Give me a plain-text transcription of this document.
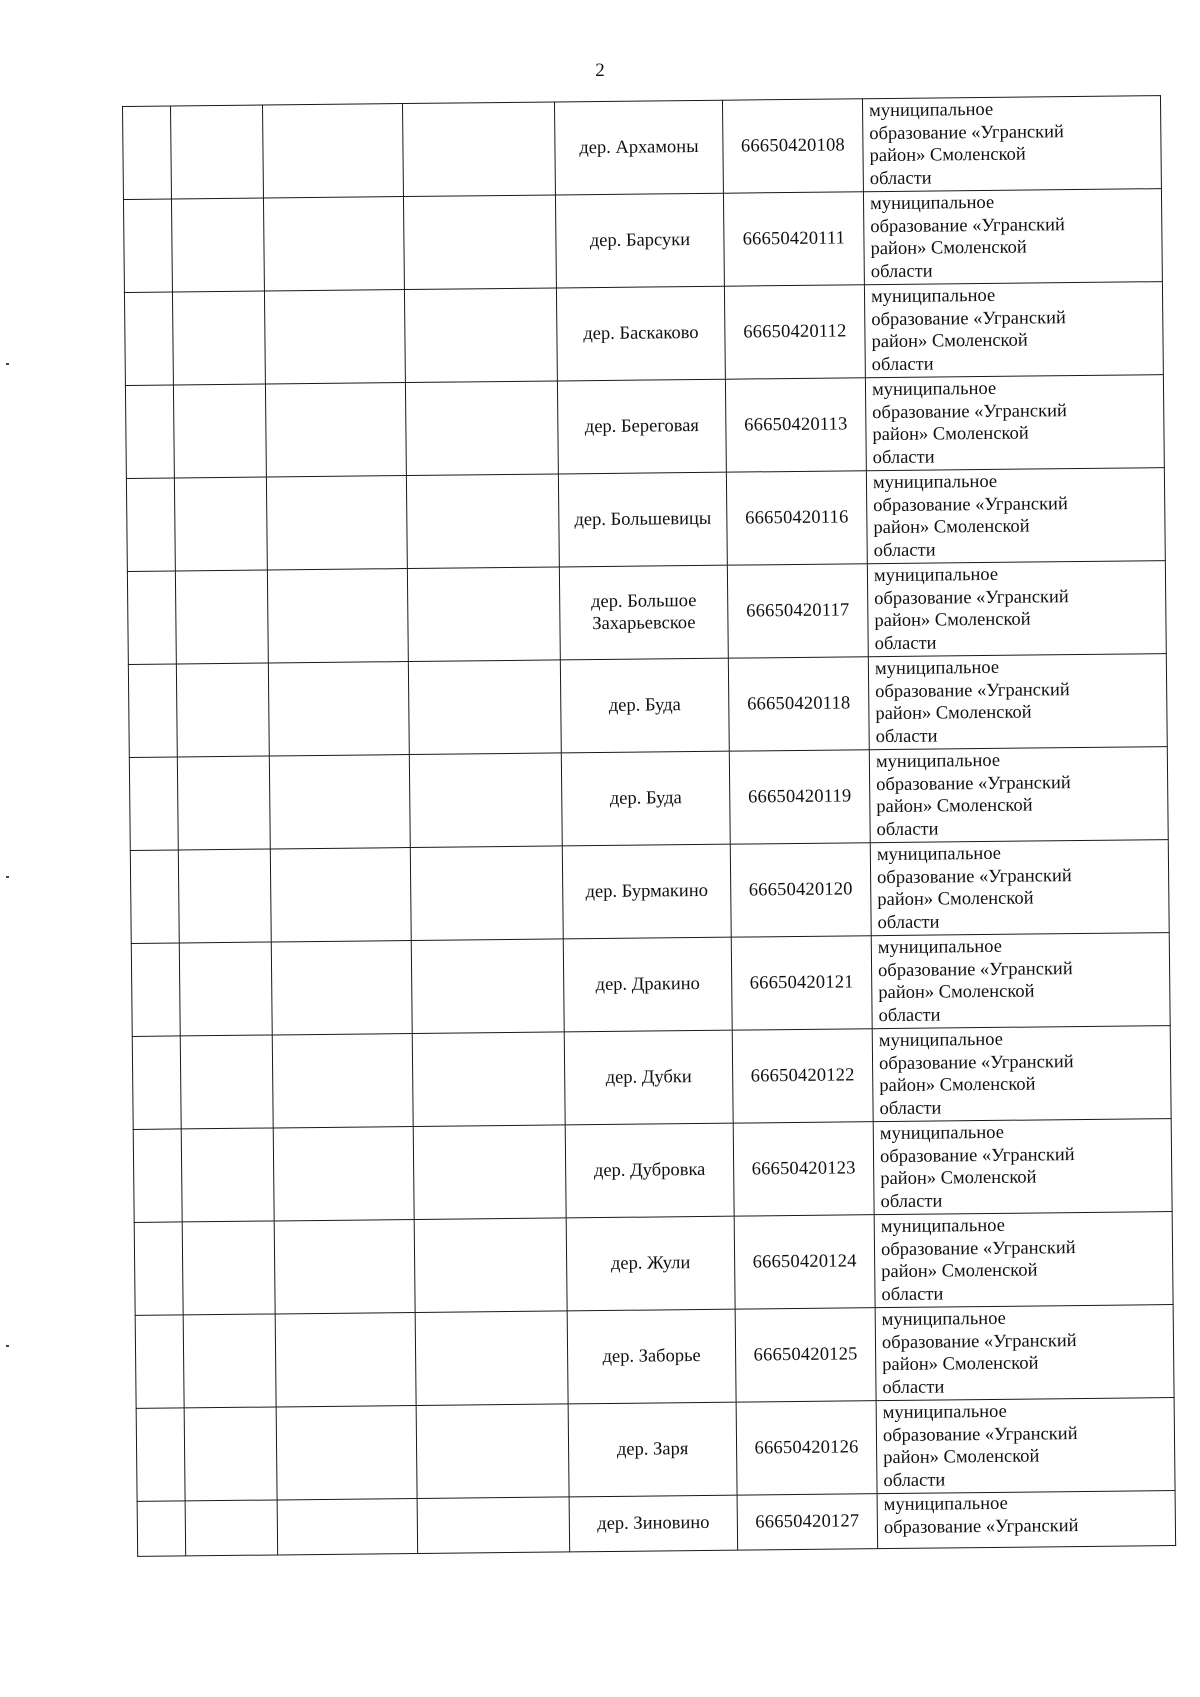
2
				дер. Архамоны	66650420108	муниципальное
образование «Угранский
район» Смоленской
области

				дер. Барсуки	66650420111	муниципальное
образование «Угранский
район» Смоленской
области

				дер. Баскаково	66650420112	муниципальное
образование «Угранский
район» Смоленской
области

				дер. Береговая	66650420113	муниципальное
образование «Угранский
район» Смоленской
области

				дер. Большевицы	66650420116	муниципальное
образование «Угранский
район» Смоленской
области

				дер. Большое Захарьевское	66650420117	муниципальное
образование «Угранский
район» Смоленской
области

				дер. Буда	66650420118	муниципальное
образование «Угранский
район» Смоленской
области

				дер. Буда	66650420119	муниципальное
образование «Угранский
район» Смоленской
области

				дер. Бурмакино	66650420120	муниципальное
образование «Угранский
район» Смоленской
области

				дер. Дракино	66650420121	муниципальное
образование «Угранский
район» Смоленской
области

				дер. Дубки	66650420122	муниципальное
образование «Угранский
район» Смоленской
области

				дер. Дубровка	66650420123	муниципальное
образование «Угранский
район» Смоленской
области

				дер. Жули	66650420124	муниципальное
образование «Угранский
район» Смоленской
области

				дер. Заборье	66650420125	муниципальное
образование «Угранский
район» Смоленской
области

				дер. Заря	66650420126	муниципальное
образование «Угранский
район» Смоленской
области

				дер. Зиновино	66650420127	муниципальное
образование «Угранский
